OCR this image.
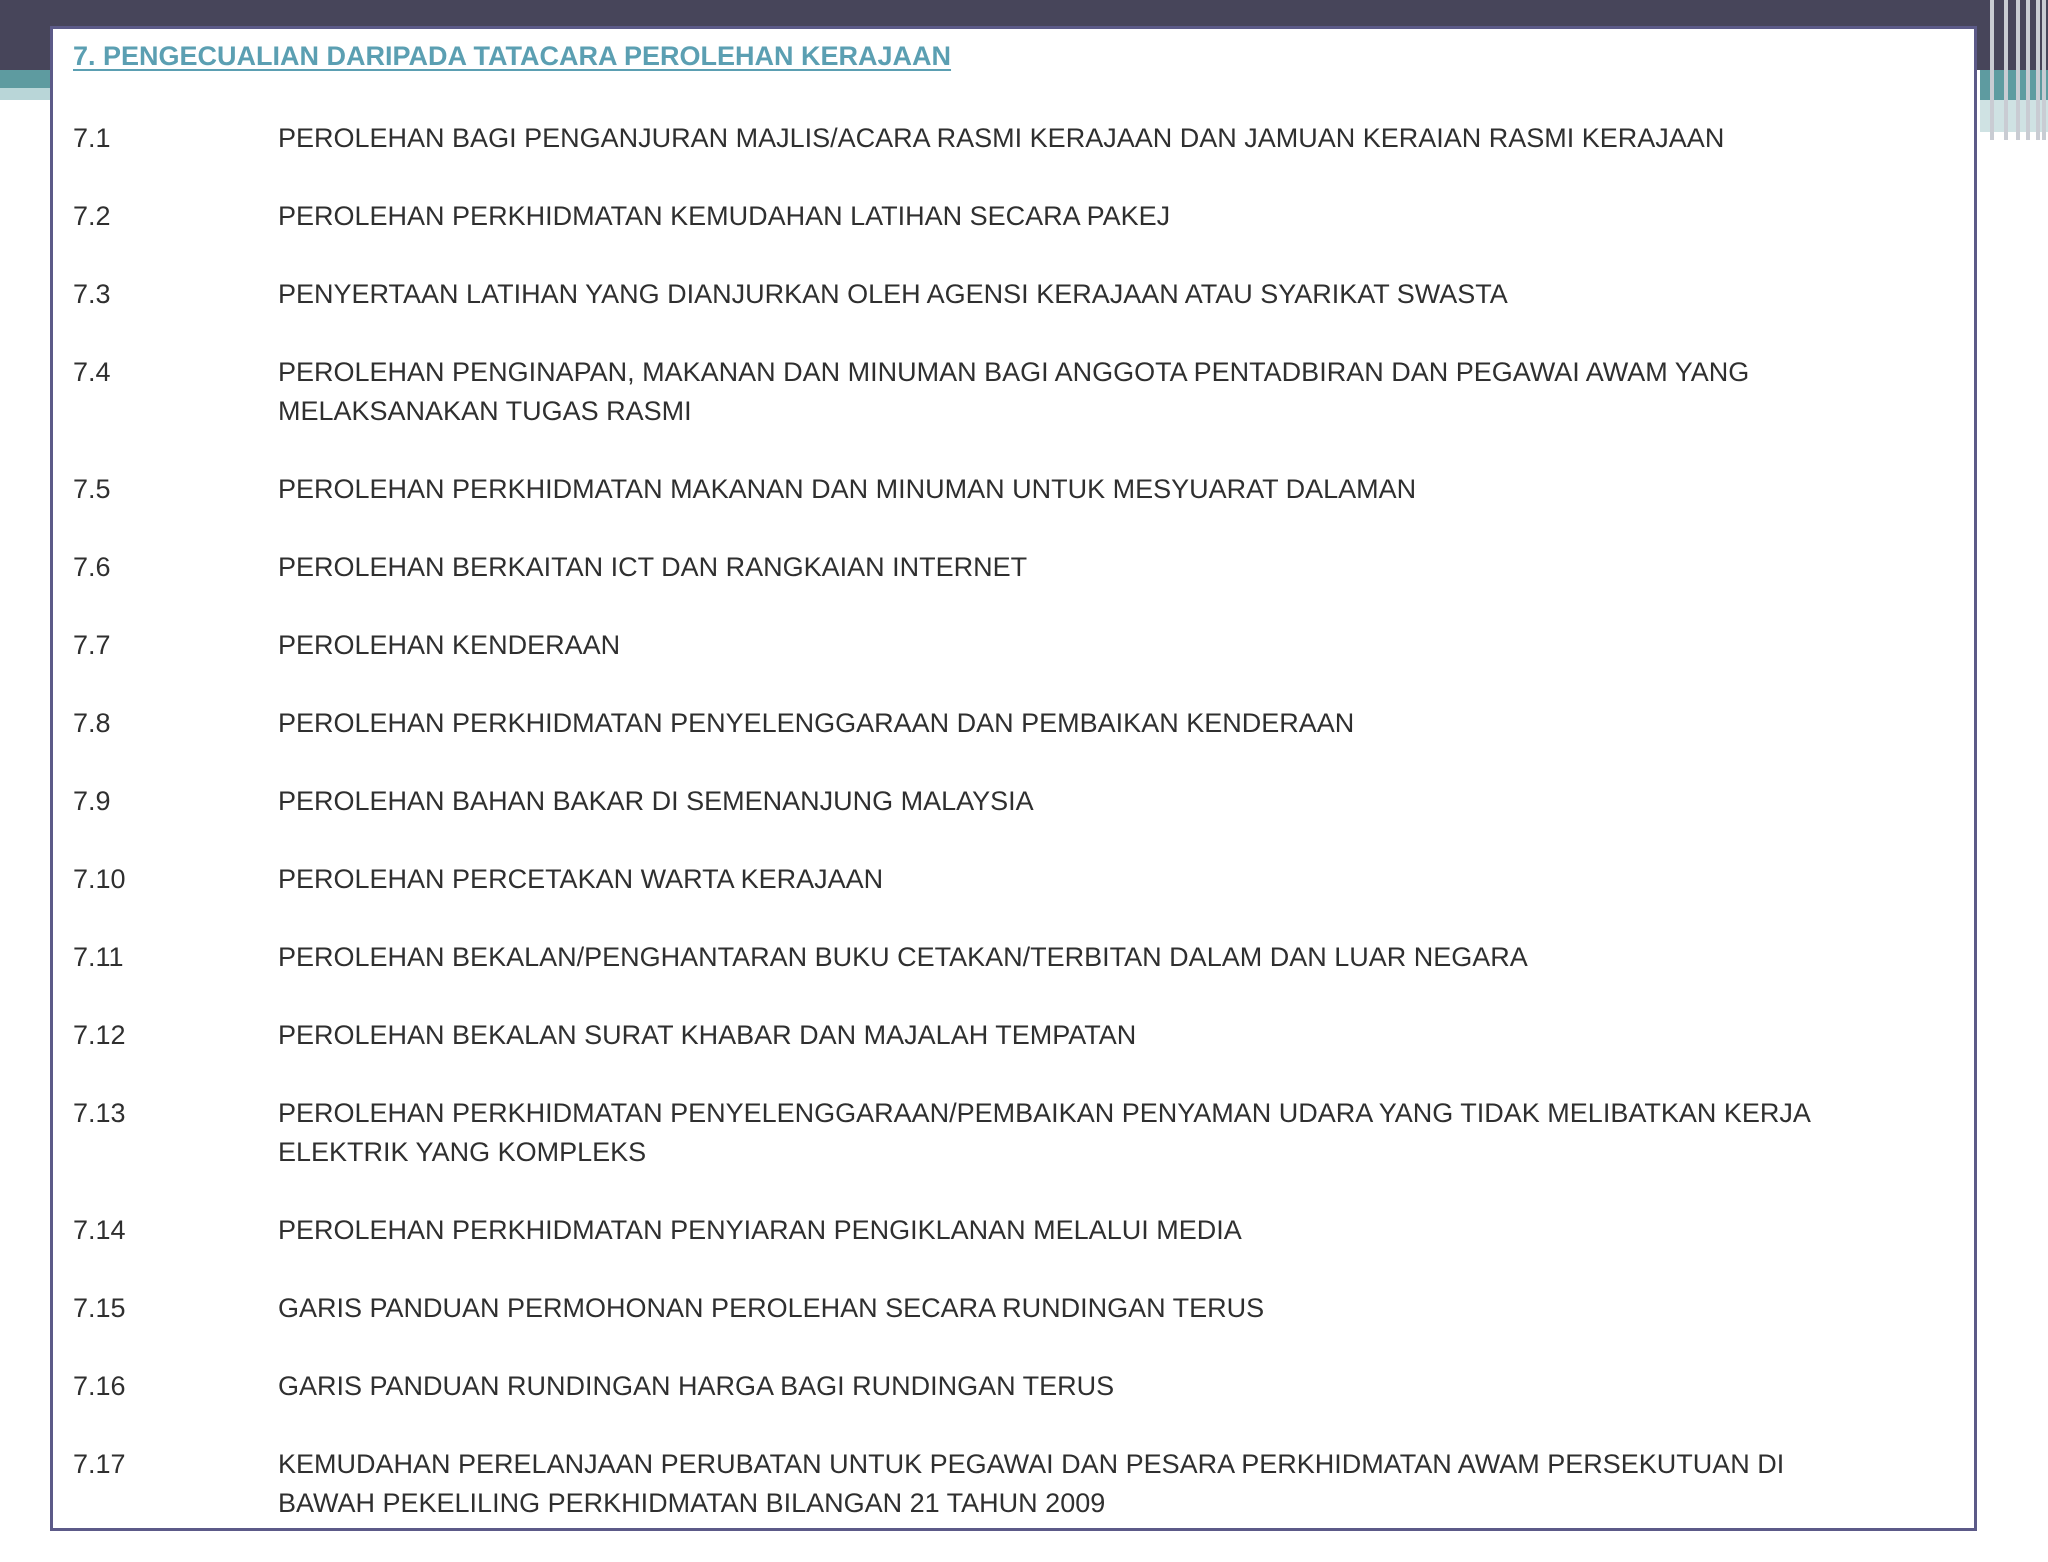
7. PENGECUALIAN DARIPADA TATACARA PEROLEHAN KERAJAAN
7.1	PEROLEHAN BAGI PENGANJURAN MAJLIS/ACARA RASMI KERAJAAN DAN JAMUAN KERAIAN RASMI KERAJAAN
7.2	PEROLEHAN PERKHIDMATAN KEMUDAHAN LATIHAN SECARA PAKEJ
7.3	PENYERTAAN LATIHAN YANG DIANJURKAN OLEH AGENSI KERAJAAN ATAU SYARIKAT SWASTA
7.4	PEROLEHAN PENGINAPAN, MAKANAN DAN MINUMAN BAGI ANGGOTA PENTADBIRAN DAN PEGAWAI AWAM YANG MELAKSANAKAN TUGAS RASMI
7.5	PEROLEHAN PERKHIDMATAN MAKANAN DAN MINUMAN UNTUK MESYUARAT DALAMAN
7.6	PEROLEHAN BERKAITAN ICT DAN RANGKAIAN INTERNET
7.7	PEROLEHAN KENDERAAN
7.8	PEROLEHAN PERKHIDMATAN PENYELENGGARAAN DAN PEMBAIKAN KENDERAAN
7.9	PEROLEHAN BAHAN BAKAR DI SEMENANJUNG MALAYSIA
7.10	PEROLEHAN PERCETAKAN WARTA KERAJAAN
7.11	PEROLEHAN BEKALAN/PENGHANTARAN BUKU CETAKAN/TERBITAN DALAM DAN LUAR NEGARA
7.12	PEROLEHAN BEKALAN SURAT KHABAR DAN MAJALAH TEMPATAN
7.13	PEROLEHAN PERKHIDMATAN PENYELENGGARAAN/PEMBAIKAN PENYAMAN UDARA YANG TIDAK MELIBATKAN KERJA ELEKTRIK YANG KOMPLEKS
7.14	PEROLEHAN PERKHIDMATAN PENYIARAN PENGIKLANAN MELALUI MEDIA
7.15	GARIS PANDUAN PERMOHONAN PEROLEHAN SECARA RUNDINGAN TERUS
7.16	GARIS PANDUAN RUNDINGAN HARGA BAGI RUNDINGAN TERUS
7.17	KEMUDAHAN PERELANJAAN PERUBATAN UNTUK PEGAWAI DAN PESARA PERKHIDMATAN AWAM PERSEKUTUAN DI BAWAH PEKELILING PERKHIDMATAN BILANGAN 21 TAHUN 2009
